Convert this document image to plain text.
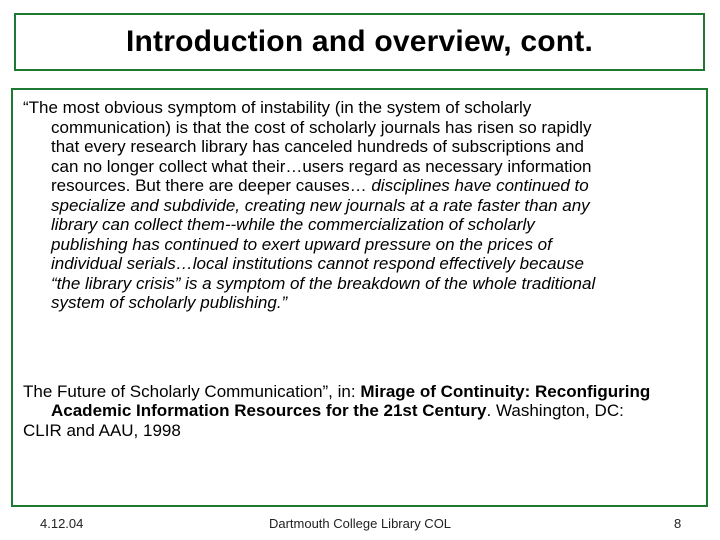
Introduction and overview, cont.
“The most obvious symptom of instability (in the system of scholarly
communication) is that the cost of scholarly journals has risen so rapidly
that every research library has canceled hundreds of subscriptions and
can no longer collect what their…users regard as necessary information
resources. But there are deeper causes… disciplines have continued to
specialize and subdivide, creating new journals at a rate faster than any
library can collect them--while the commercialization of scholarly
publishing has continued to exert upward pressure on the prices of
individual serials…local institutions cannot respond effectively because
“the library crisis” is a symptom of the breakdown of the whole traditional
system of scholarly publishing.”
The Future of Scholarly Communication”, in: Mirage of Continuity: Reconfiguring
Academic Information Resources for the 21st Century. Washington, DC:
CLIR and AAU, 1998
4.12.04	Dartmouth College Library COL	8
